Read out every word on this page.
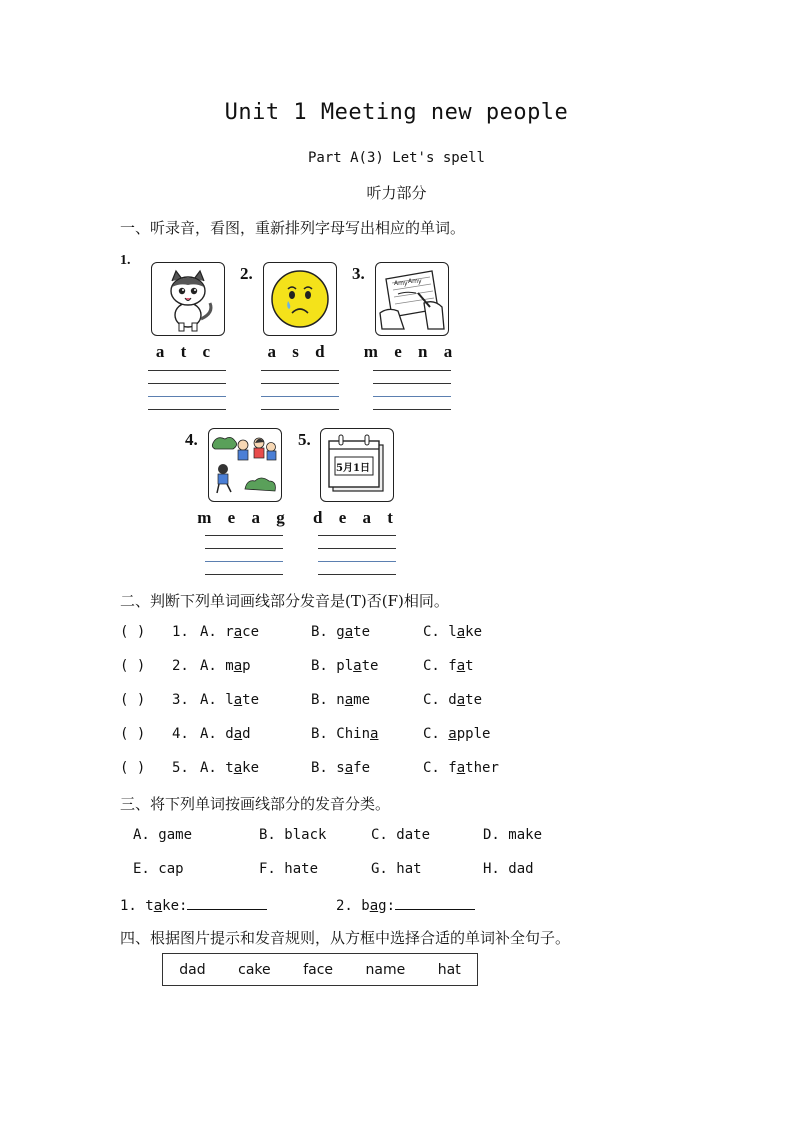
Unit 1 Meeting new people
Part A(3) Let's spell
听力部分
一、听录音，看图，重新排列字母写出相应的单词。
1.
a t c
2.
a s d
3.
Amy Amy
m e n a
4.
m e a g
5.
5月1日
d e a t
二、判断下列单词画线部分发音是(T)否(F)相同。
( ) 1. A. race	B. gate	C. lake
( ) 2. A. map	B. plate	C. fat
( ) 3. A. late	B. name	C. date
( ) 4. A. dad	B. China	C. apple
( ) 5. A. take	B. safe	C. father
三、将下列单词按画线部分的发音分类。
A. game	B. black	C. date	D. make
E. cap	F. hate	G. hat	H. dad
1. take:	2. bag:
四、根据图片提示和发音规则，从方框中选择合适的单词补全句子。
dad cake face name hat
